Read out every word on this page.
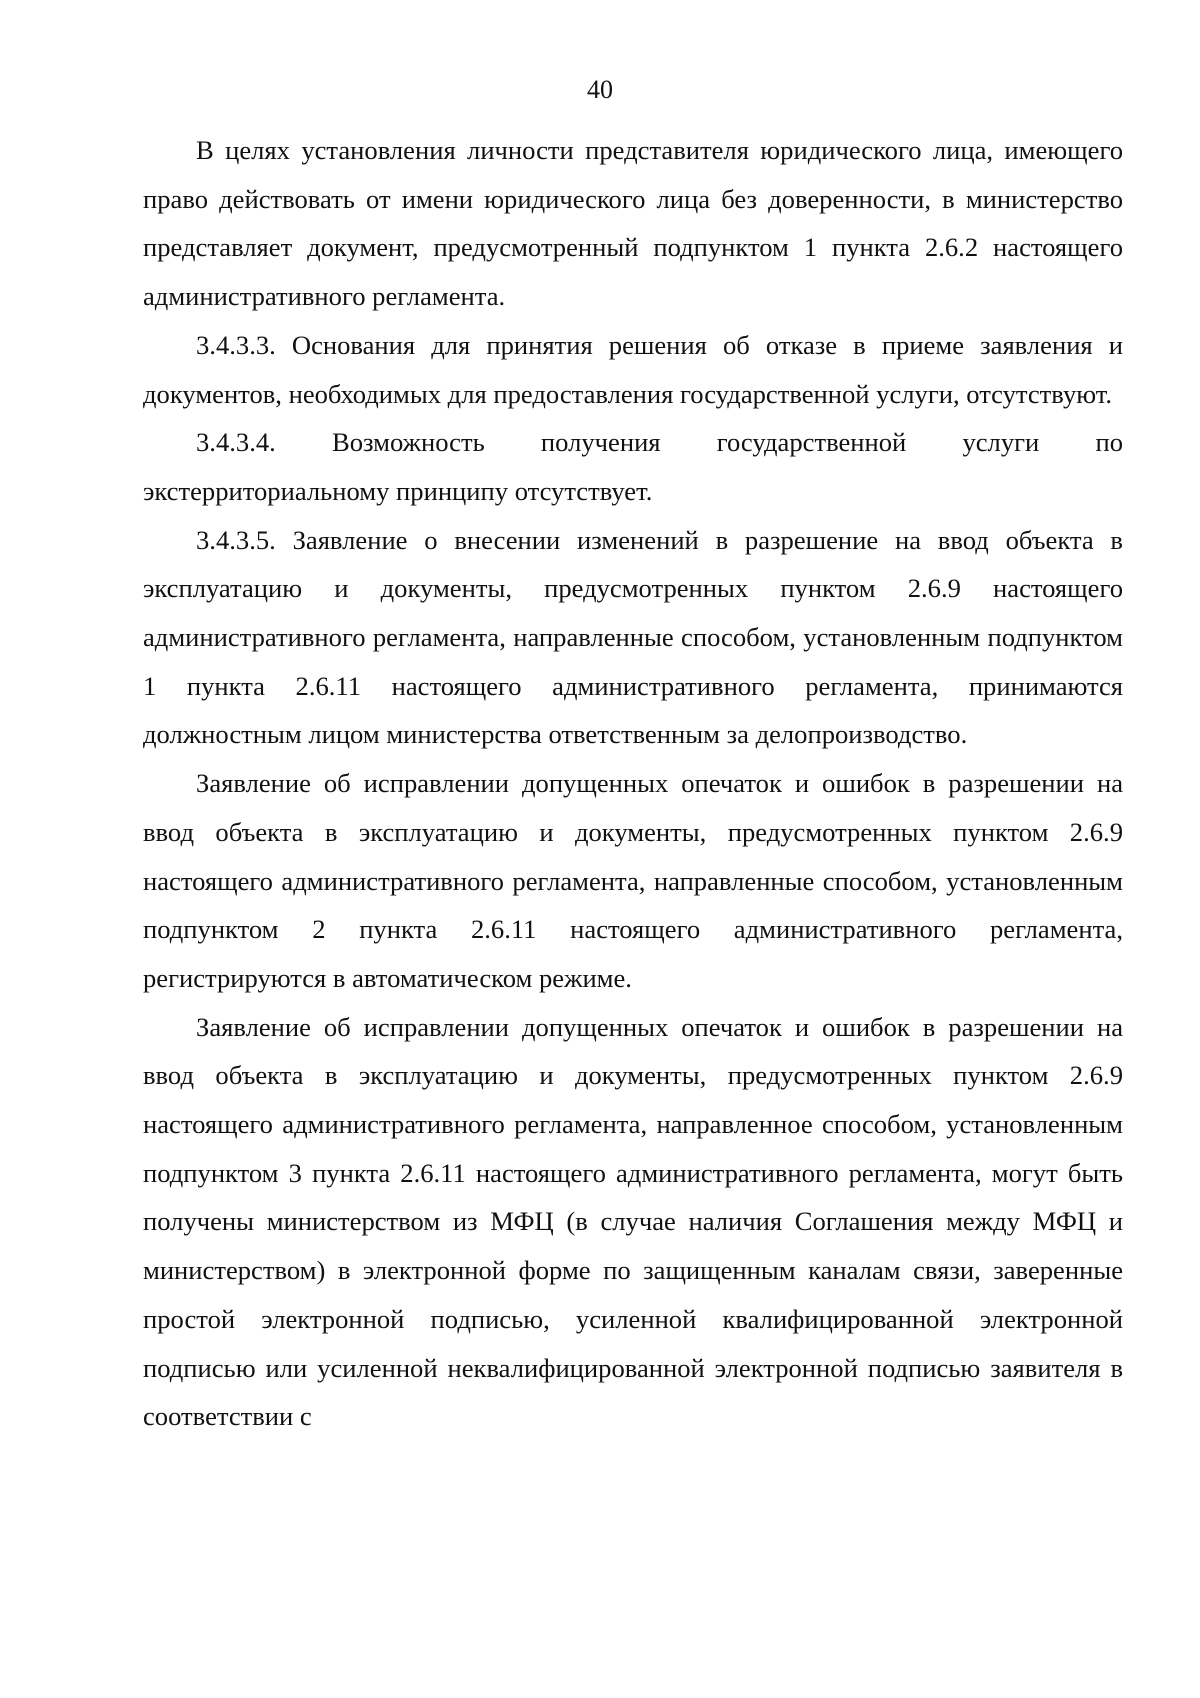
40

В целях установления личности представителя юридического лица, имеющего право действовать от имени юридического лица без доверенности, в министерство представляет документ, предусмотренный подпунктом 1 пункта 2.6.2 настоящего административного регламента.

3.4.3.3. Основания для принятия решения об отказе в приеме заявления и документов, необходимых для предоставления государственной услуги, отсутствуют.

3.4.3.4. Возможность получения государственной услуги по экстерриториальному принципу отсутствует.

3.4.3.5. Заявление о внесении изменений в разрешение на ввод объекта в эксплуатацию и документы, предусмотренных пунктом 2.6.9 настоящего административного регламента, направленные способом, установленным подпунктом 1 пункта 2.6.11 настоящего административного регламента, принимаются должностным лицом министерства ответственным за делопроизводство.

Заявление об исправлении допущенных опечаток и ошибок в разрешении на ввод объекта в эксплуатацию и документы, предусмотренных пунктом 2.6.9 настоящего административного регламента, направленные способом, установленным подпунктом 2 пункта 2.6.11 настоящего административного регламента, регистрируются в автоматическом режиме.

Заявление об исправлении допущенных опечаток и ошибок в разрешении на ввод объекта в эксплуатацию и документы, предусмотренных пунктом 2.6.9 настоящего административного регламента, направленное способом, установленным подпунктом 3 пункта 2.6.11 настоящего административного регламента, могут быть получены министерством из МФЦ (в случае наличия Соглашения между МФЦ и министерством) в электронной форме по защищенным каналам связи, заверенные простой электронной подписью, усиленной квалифицированной электронной подписью или усиленной неквалифицированной электронной подписью заявителя в соответствии с
